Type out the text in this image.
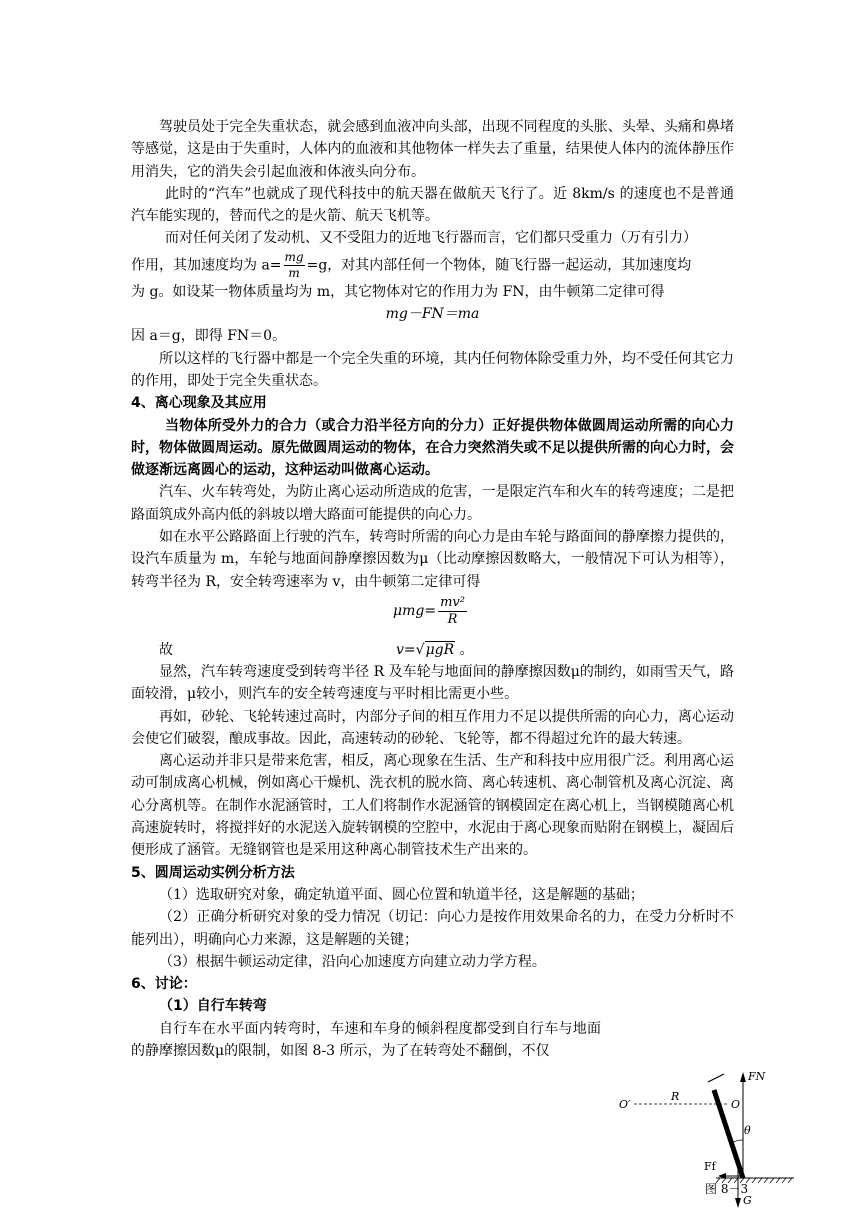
驾驶员处于完全失重状态，就会感到血液冲向头部，出现不同程度的头胀、头晕、头痛和鼻堵等感觉，这是由于失重时，人体内的血液和其他物体一样失去了重量，结果使人体内的流体静压作用消失，它的消失会引起血液和体液头向分布。

此时的“汽车”也就成了现代科技中的航天器在做航天飞行了。近 8km/s 的速度也不是普通汽车能实现的，替而代之的是火箭、航天飞机等。

而对任何关闭了发动机、又不受阻力的近地飞行器而言，它们都只受重力（万有引力）

作用，其加速度均为 $a= \frac{mg}{m} =g$，对其内部任何一个物体，随飞行器一起运动，其加速度均

为 g。如设某一物体质量均为 m，其它物体对它的作用力为 FN，由牛顿第二定律可得

mg－FN＝ma

因 a＝g，即得 FN＝0。

所以这样的飞行器中都是一个完全失重的环境，其内任何物体除受重力外，均不受任何其它力的作用，即处于完全失重状态。

4、离心现象及其应用

当物体所受外力的合力（或合力沿半径方向的分力）正好提供物体做圆周运动所需的向心力时，物体做圆周运动。原先做圆周运动的物体，在合力突然消失或不足以提供所需的向心力时，会做逐渐远离圆心的运动，这种运动叫做离心运动。

汽车、火车转弯处，为防止离心运动所造成的危害，一是限定汽车和火车的转弯速度；二是把路面筑成外高内低的斜坡以增大路面可能提供的向心力。

如在水平公路路面上行驶的汽车，转弯时所需的向心力是由车轮与路面间的静摩擦力提供的，设汽车质量为 m，车轮与地面间静摩擦因数为μ（比动摩擦因数略大，一般情况下可认为相等），转弯半径为 R，安全转弯速率为 v，由牛顿第二定律可得

$\mu mg= \frac{\text{mv²}}{R}$
故	v=√μgR 。

显然，汽车转弯速度受到转弯半径 R 及车轮与地面间的静摩擦因数μ的制约，如雨雪天气，路面较滑，μ较小，则汽车的安全转弯速度与平时相比需更小些。

再如，砂轮、飞轮转速过高时，内部分子间的相互作用力不足以提供所需的向心力，离心运动会使它们破裂，酿成事故。因此，高速转动的砂轮、飞轮等，都不得超过允许的最大转速。

离心运动并非只是带来危害，相反，离心现象在生活、生产和科技中应用很广泛。利用离心运动可制成离心机械，例如离心干燥机、洗衣机的脱水筒、离心转速机、离心制管机及离心沉淀、离心分离机等。在制作水泥涵管时，工人们将制作水泥涵管的钢模固定在离心机上，当钢模随离心机高速旋转时，将搅拌好的水泥送入旋转钢模的空腔中，水泥由于离心现象而贴附在钢模上，凝固后便形成了涵管。无缝钢管也是采用这种离心制管技术生产出来的。

5、圆周运动实例分析方法

（1）选取研究对象，确定轨道平面、圆心位置和轨道半径，这是解题的基础；

（2）正确分析研究对象的受力情况（切记：向心力是按作用效果命名的力，在受力分析时不能列出），明确向心力来源，这是解题的关键；

（3）根据牛顿运动定律，沿向心加速度方向建立动力学方程。

6、讨论：

（1）自行车转弯

自行车在水平面内转弯时，车速和车身的倾斜程度都受到自行车与地面的静摩擦因数μ的限制，如图 8-3 所示，为了在转弯处不翻倒，不仅

FN
O′
R
O
θ
Ff
G
图 8－3
